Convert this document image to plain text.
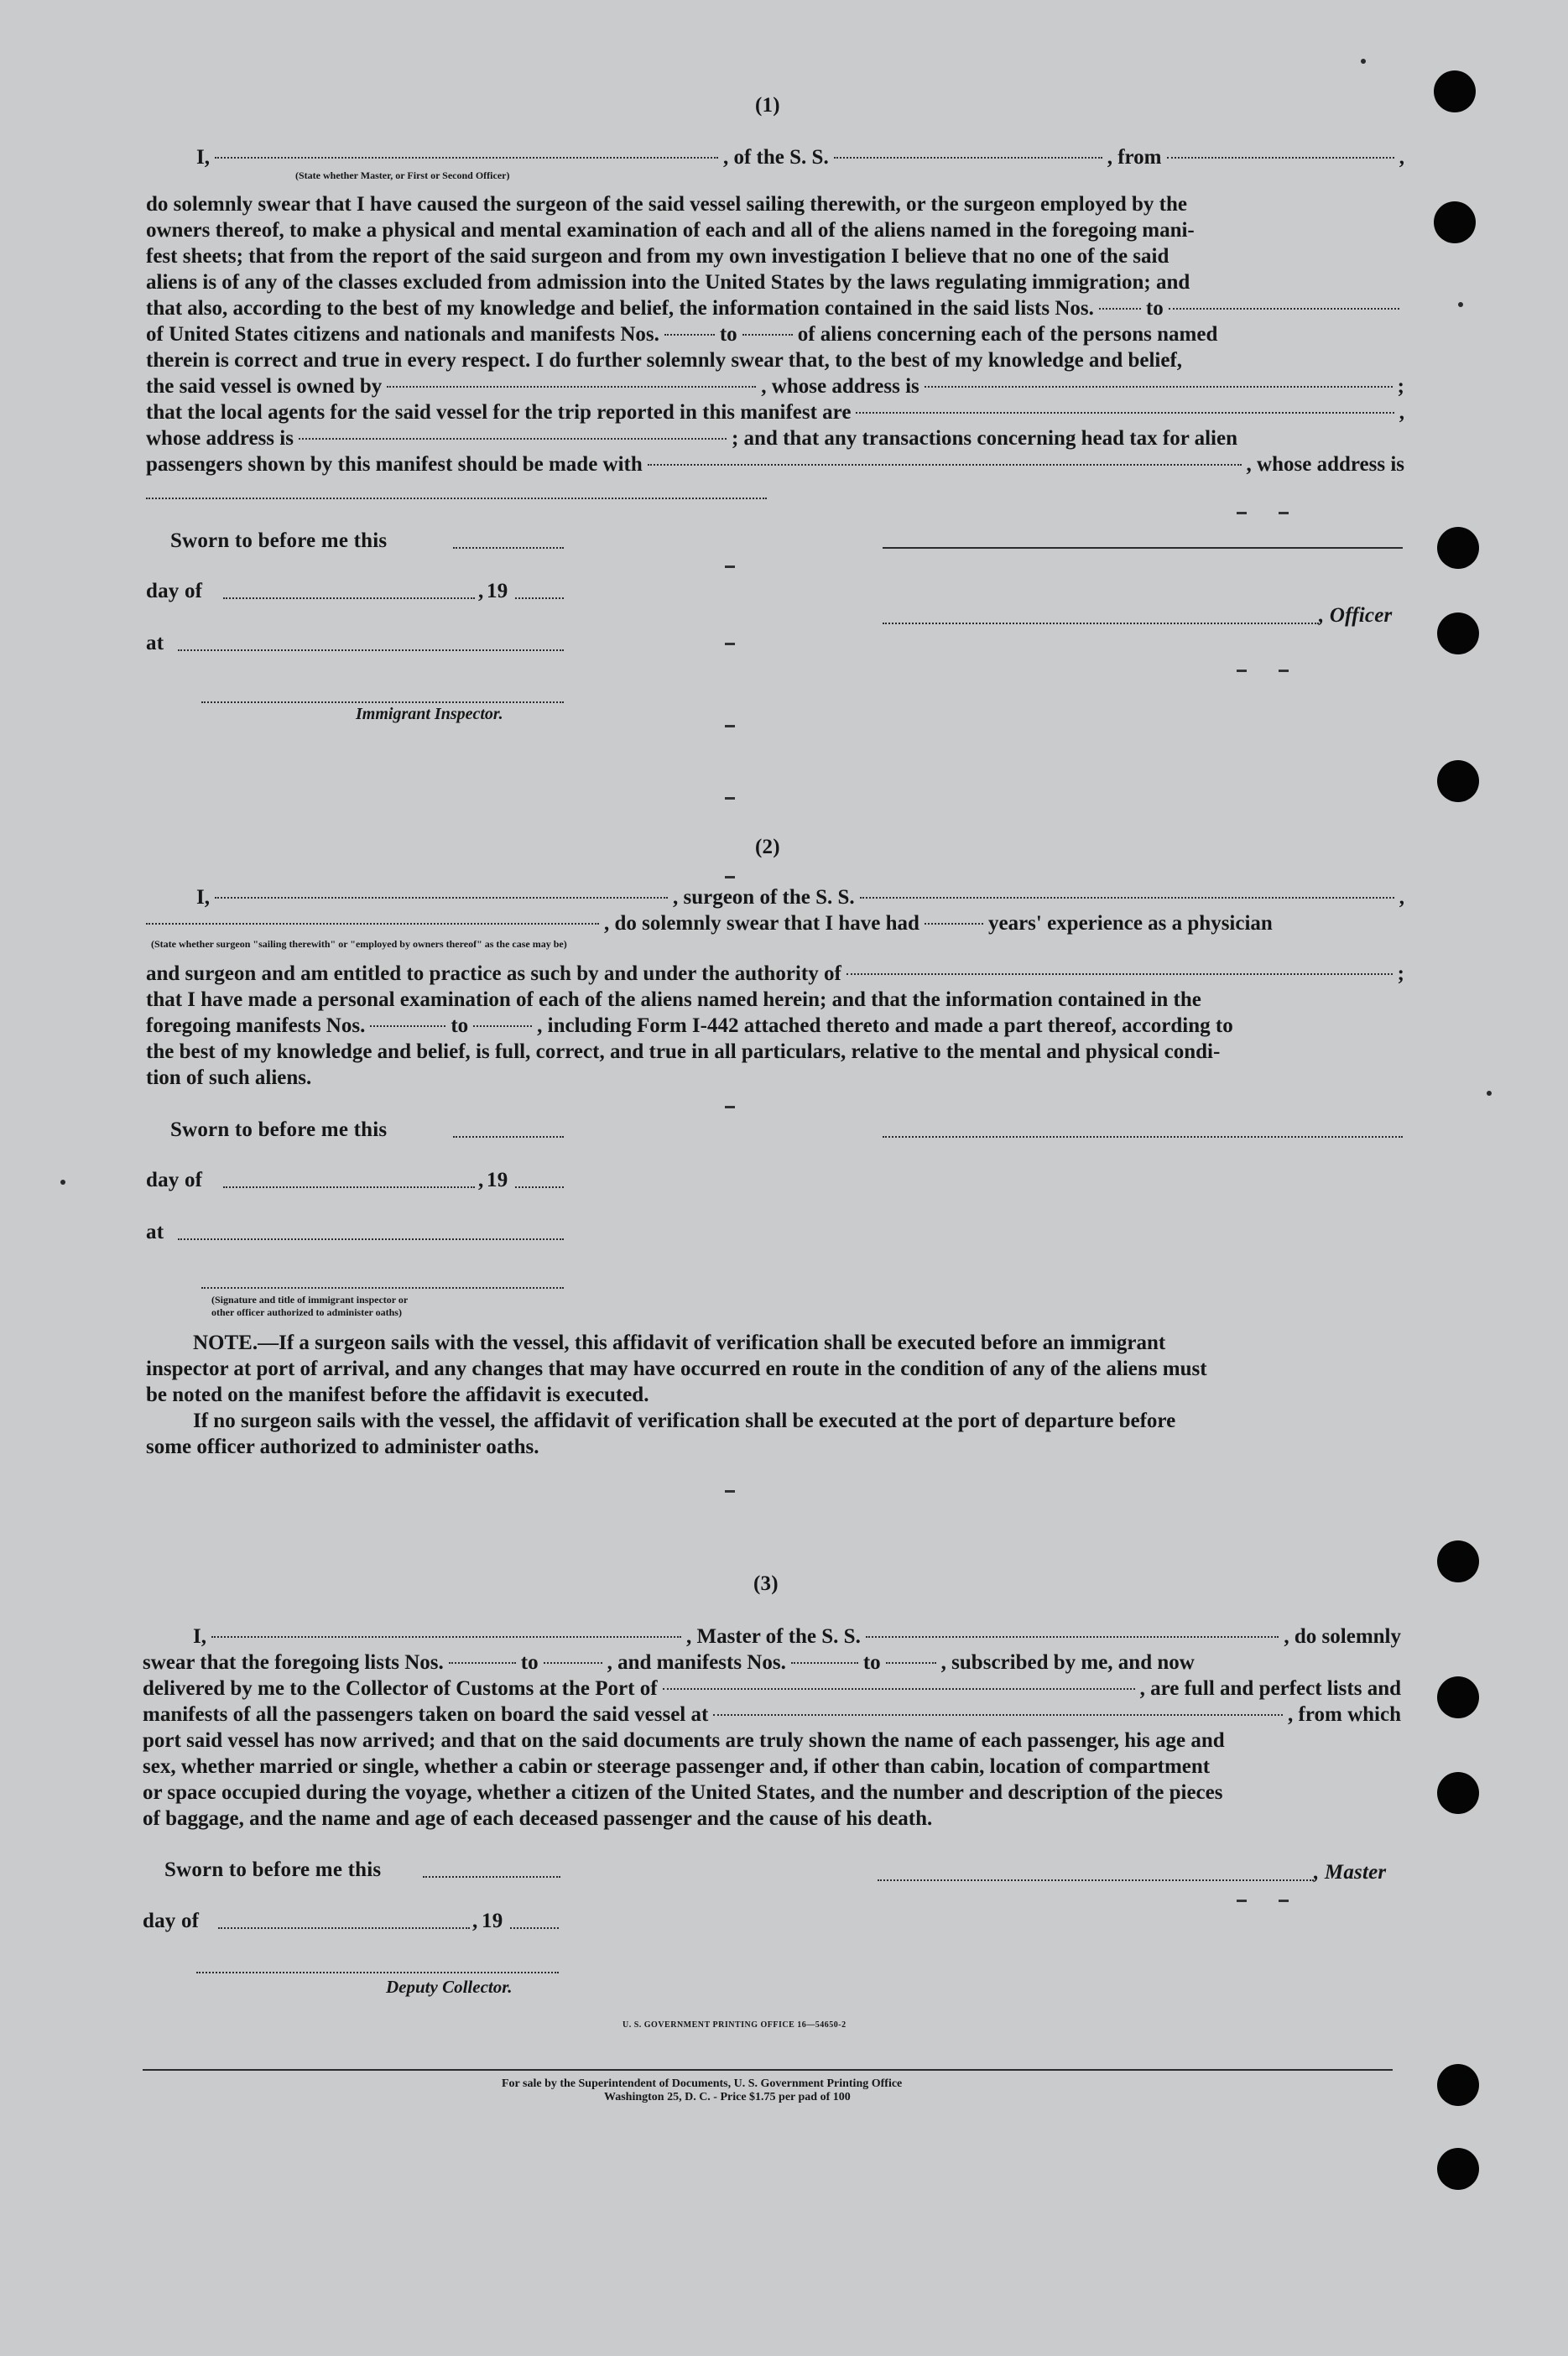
(1)
I,	, of the S. S.	, from	,
(State whether Master, or First or Second Officer)
do solemnly swear that I have caused the surgeon of the said vessel sailing therewith, or the surgeon employed by the
owners thereof, to make a physical and mental examination of each and all of the aliens named in the foregoing mani-
fest sheets; that from the report of the said surgeon and from my own investigation I believe that no one of the said
aliens is of any of the classes excluded from admission into the United States by the laws regulating immigration; and
that also, according to the best of my knowledge and belief, the information contained in the said lists Nos. to
of United States citizens and nationals and manifests Nos.	to	of aliens concerning each of the persons named
therein is correct and true in every respect. I do further solemnly swear that, to the best of my knowledge and belief,
the said vessel is owned by	, whose address is	;
that the local agents for the said vessel for the trip reported in this manifest are	,
whose address is	; and that any transactions concerning head tax for alien
passengers shown by this manifest should be made with	, whose address is
Sworn to before me this
day of	19
,
, Officer
at
Immigrant Inspector.
(2)
I,	, surgeon of the S. S.	,
, do solemnly swear that I have had	years' experience as a physician
(State whether surgeon "sailing therewith" or "employed by owners thereof" as the case may be)
and surgeon and am entitled to practice as such by and under the authority of	;
that I have made a personal examination of each of the aliens named herein; and that the information contained in the
foregoing manifests Nos.	to	, including Form I-442 attached thereto and made a part thereof, according to
the best of my knowledge and belief, is full, correct, and true in all particulars, relative to the mental and physical condi-
tion of such aliens.
Sworn to before me this
day of	, 19
at
(Signature and title of immigrant inspector or
other officer authorized to administer oaths)
NOTE.—If a surgeon sails with the vessel, this affidavit of verification shall be executed before an immigrant
inspector at port of arrival, and any changes that may have occurred en route in the condition of any of the aliens must
be noted on the manifest before the affidavit is executed.
If no surgeon sails with the vessel, the affidavit of verification shall be executed at the port of departure before
some officer authorized to administer oaths.
(3)
I,	, Master of the S. S.	, do solemnly
swear that the foregoing lists Nos.	to	, and manifests Nos.	to	, subscribed by me, and now
delivered by me to the Collector of Customs at the Port of	, are full and perfect lists and
manifests of all the passengers taken on board the said vessel at	, from which
port said vessel has now arrived; and that on the said documents are truly shown the name of each passenger, his age and
sex, whether married or single, whether a cabin or steerage passenger and, if other than cabin, location of compartment
or space occupied during the voyage, whether a citizen of the United States, and the number and description of the pieces
of baggage, and the name and age of each deceased passenger and the cause of his death.
Sworn to before me this	, Master
day of	, 19
Deputy Collector.
U. S. GOVERNMENT PRINTING OFFICE 16—54650-2
For sale by the Superintendent of Documents, U. S. Government Printing Office
Washington 25, D. C. - Price $1.75 per pad of 100
